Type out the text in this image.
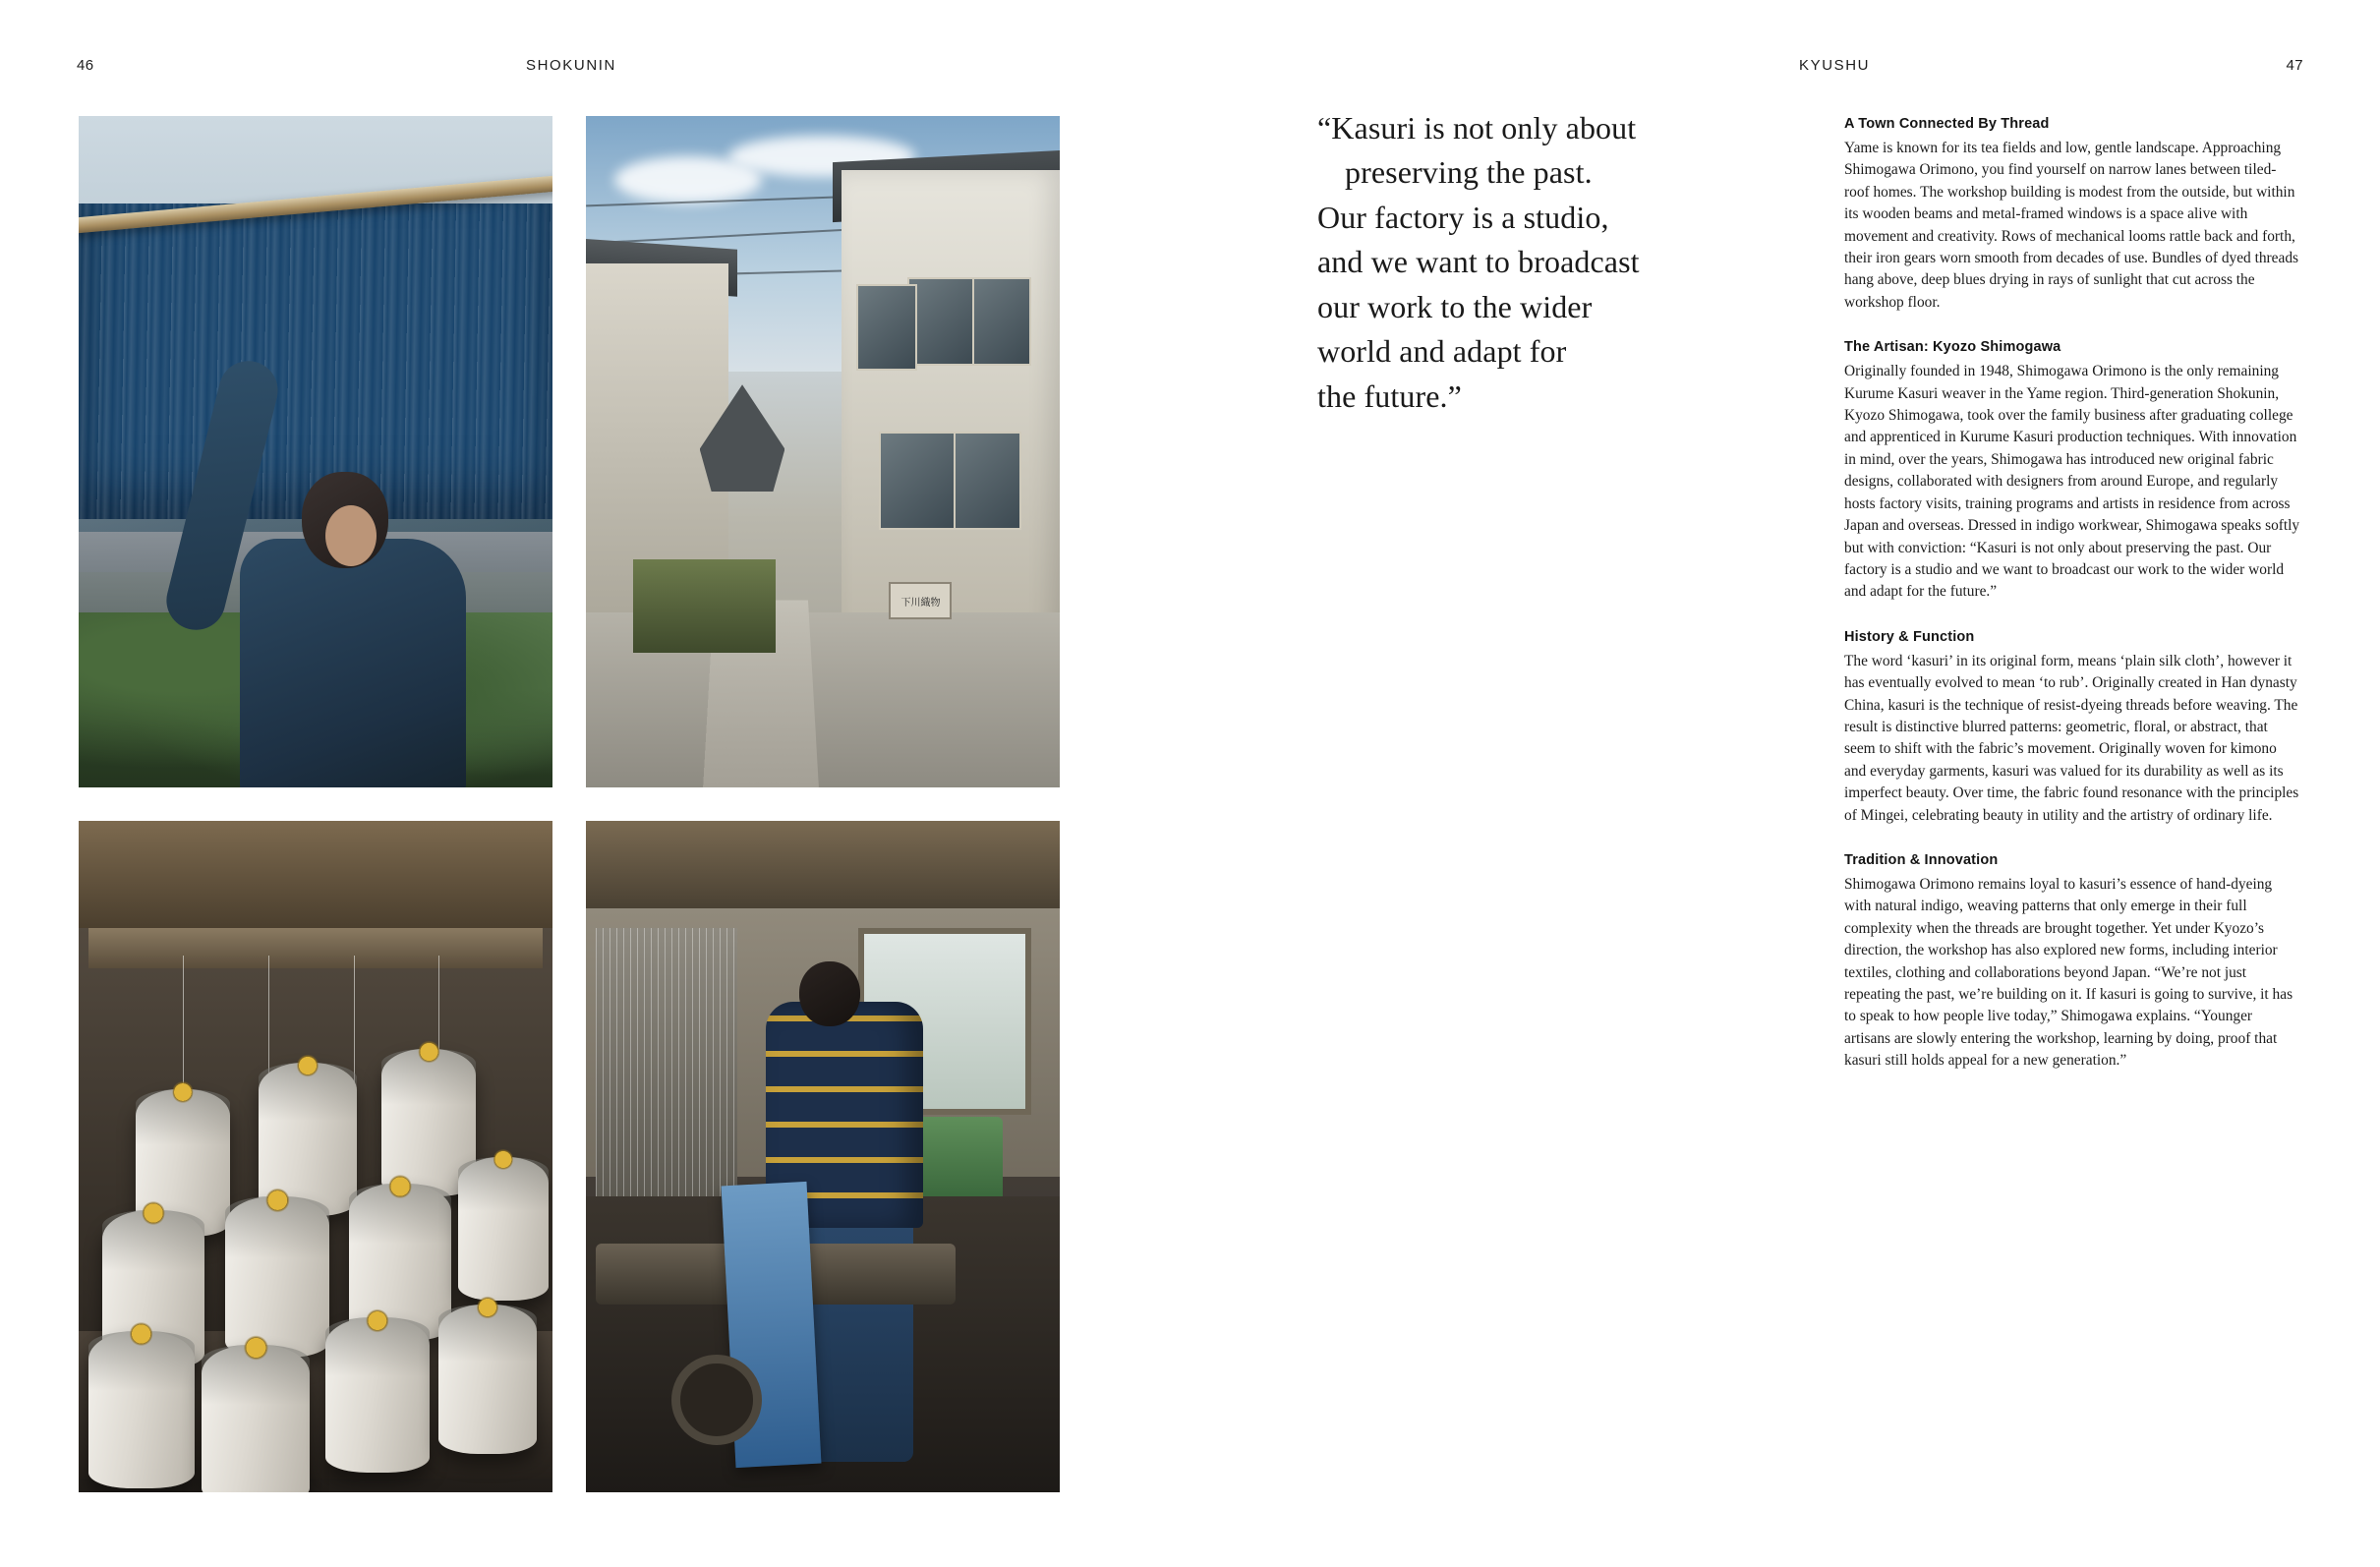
46	SHOKUNIN	KYUSHU	47
下川織物
“Kasuri is not only about
preserving the past.
Our factory is a studio,
and we want to broadcast
our work to the wider
world and adapt for
the future.”
A Town Connected By Thread

Yame is known for its tea fields and low, gentle landscape. Approaching Shimogawa Orimono, you find yourself on narrow lanes between tiled-roof homes. The workshop building is modest from the outside, but within its wooden beams and metal-framed windows is a space alive with movement and creativity. Rows of mechanical looms rattle back and forth, their iron gears worn smooth from decades of use. Bundles of dyed threads hang above, deep blues drying in rays of sunlight that cut across the workshop floor.

The Artisan: Kyozo Shimogawa

Originally founded in 1948, Shimogawa Orimono is the only remaining Kurume Kasuri weaver in the Yame region. Third-generation Shokunin, Kyozo Shimogawa, took over the family business after graduating college and apprenticed in Kurume Kasuri production techniques. With innovation in mind, over the years, Shimogawa has introduced new original fabric designs, collaborated with designers from around Europe, and regularly hosts factory visits, training programs and artists in residence from across Japan and overseas. Dressed in indigo workwear, Shimogawa speaks softly but with conviction: “Kasuri is not only about preserving the past. Our factory is a studio and we want to broadcast our work to the wider world and adapt for the future.”

History & Function

The word ‘kasuri’ in its original form, means ‘plain silk cloth’, however it has eventually evolved to mean ‘to rub’. Originally created in Han dynasty China, kasuri is the technique of resist-dyeing threads before weaving. The result is distinctive blurred patterns: geometric, floral, or abstract, that seem to shift with the fabric’s movement. Originally woven for kimono and everyday garments, kasuri was valued for its durability as well as its imperfect beauty. Over time, the fabric found resonance with the principles of Mingei, celebrating beauty in utility and the artistry of ordinary life.

Tradition & Innovation

Shimogawa Orimono remains loyal to kasuri’s essence of hand-dyeing with natural indigo, weaving patterns that only emerge in their full complexity when the threads are brought together. Yet under Kyozo’s direction, the workshop has also explored new forms, including interior textiles, clothing and collaborations beyond Japan. “We’re not just repeating the past, we’re building on it. If kasuri is going to survive, it has to speak to how people live today,” Shimogawa explains. “Younger artisans are slowly entering the workshop, learning by doing, proof that kasuri still holds appeal for a new generation.”
